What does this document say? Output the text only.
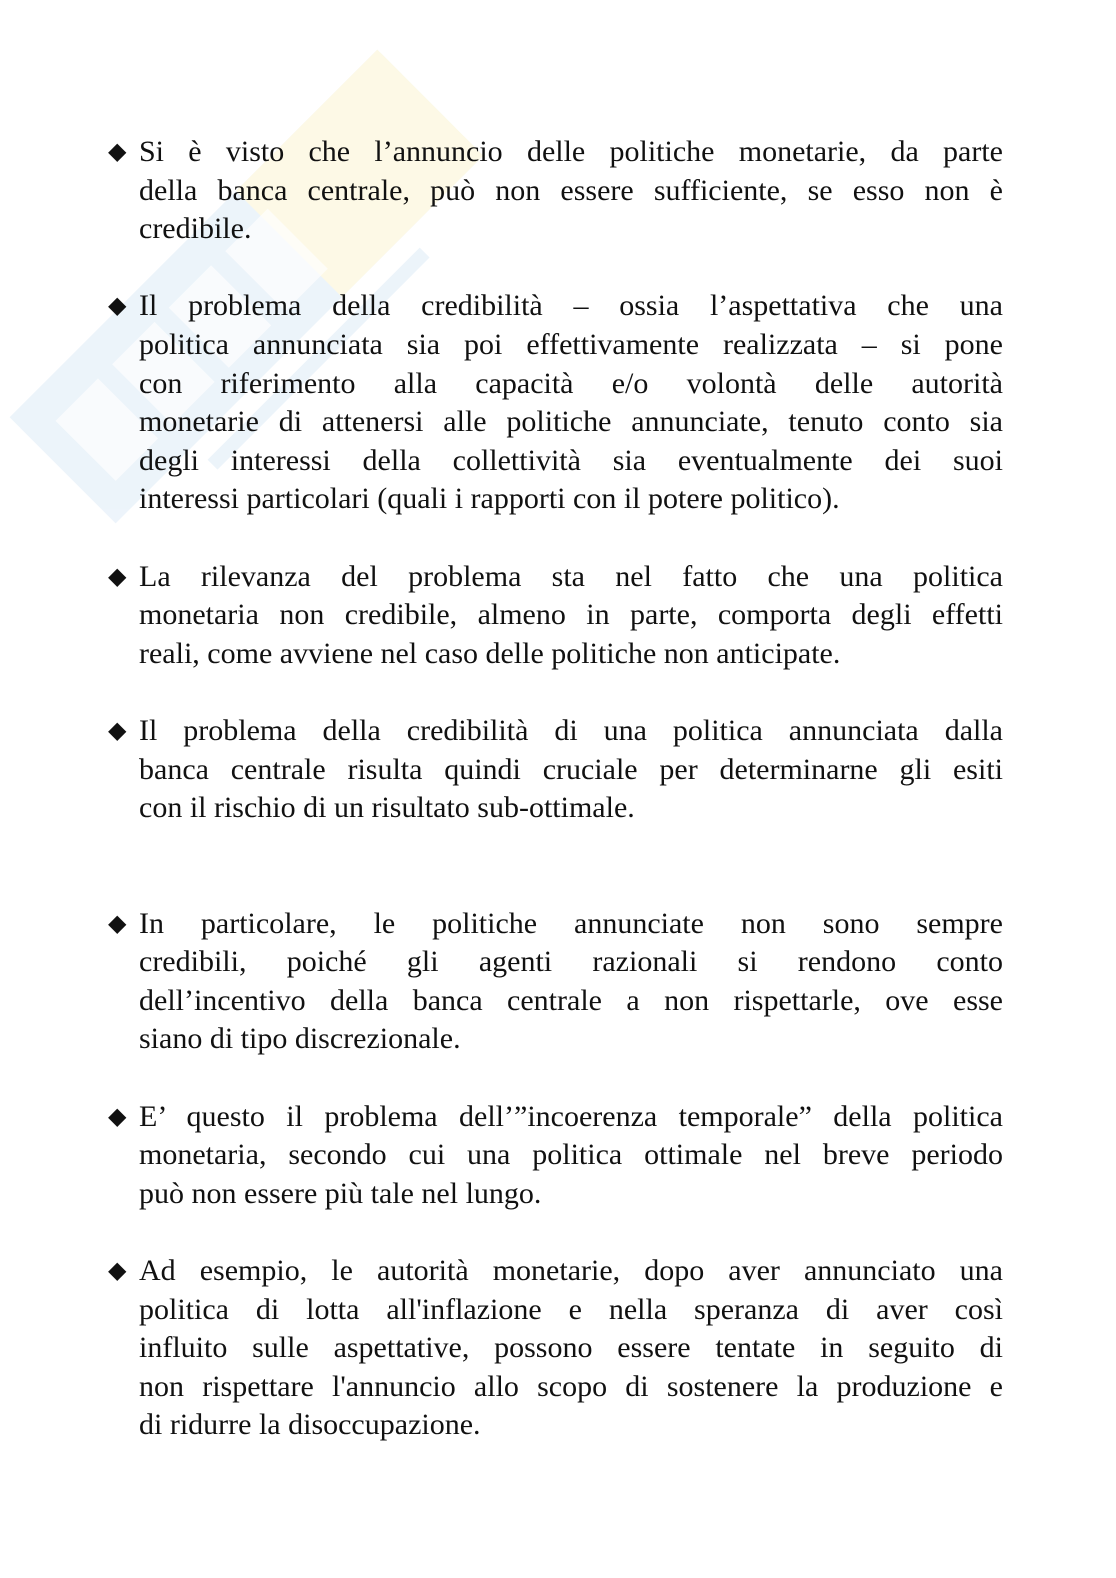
◆ Si è visto che l’annuncio delle politiche monetarie, da parte
della banca centrale, può non essere sufficiente, se esso non è
credibile.
◆ Il problema della credibilità – ossia l’aspettativa che una
politica annunciata sia poi effettivamente realizzata – si pone
con riferimento alla capacità e/o volontà delle autorità
monetarie di attenersi alle politiche annunciate, tenuto conto sia
degli interessi della collettività sia eventualmente dei suoi
interessi particolari (quali i rapporti con il potere politico).
◆ La rilevanza del problema sta nel fatto che una politica
monetaria non credibile, almeno in parte, comporta degli effetti
reali, come avviene nel caso delle politiche non anticipate.
◆ Il problema della credibilità di una politica annunciata dalla
banca centrale risulta quindi cruciale per determinarne gli esiti
con il rischio di un risultato sub-ottimale.
◆ In particolare, le politiche annunciate non sono sempre
credibili, poiché gli agenti razionali si rendono conto
dell’incentivo della banca centrale a non rispettarle, ove esse
siano di tipo discrezionale.
◆ E’ questo il problema dell’”incoerenza temporale” della politica
monetaria, secondo cui una politica ottimale nel breve periodo
può non essere più tale nel lungo.
◆ Ad esempio, le autorità monetarie, dopo aver annunciato una
politica di lotta all'inflazione e nella speranza di aver così
influito sulle aspettative, possono essere tentate in seguito di
non rispettare l'annuncio allo scopo di sostenere la produzione e
di ridurre la disoccupazione.
